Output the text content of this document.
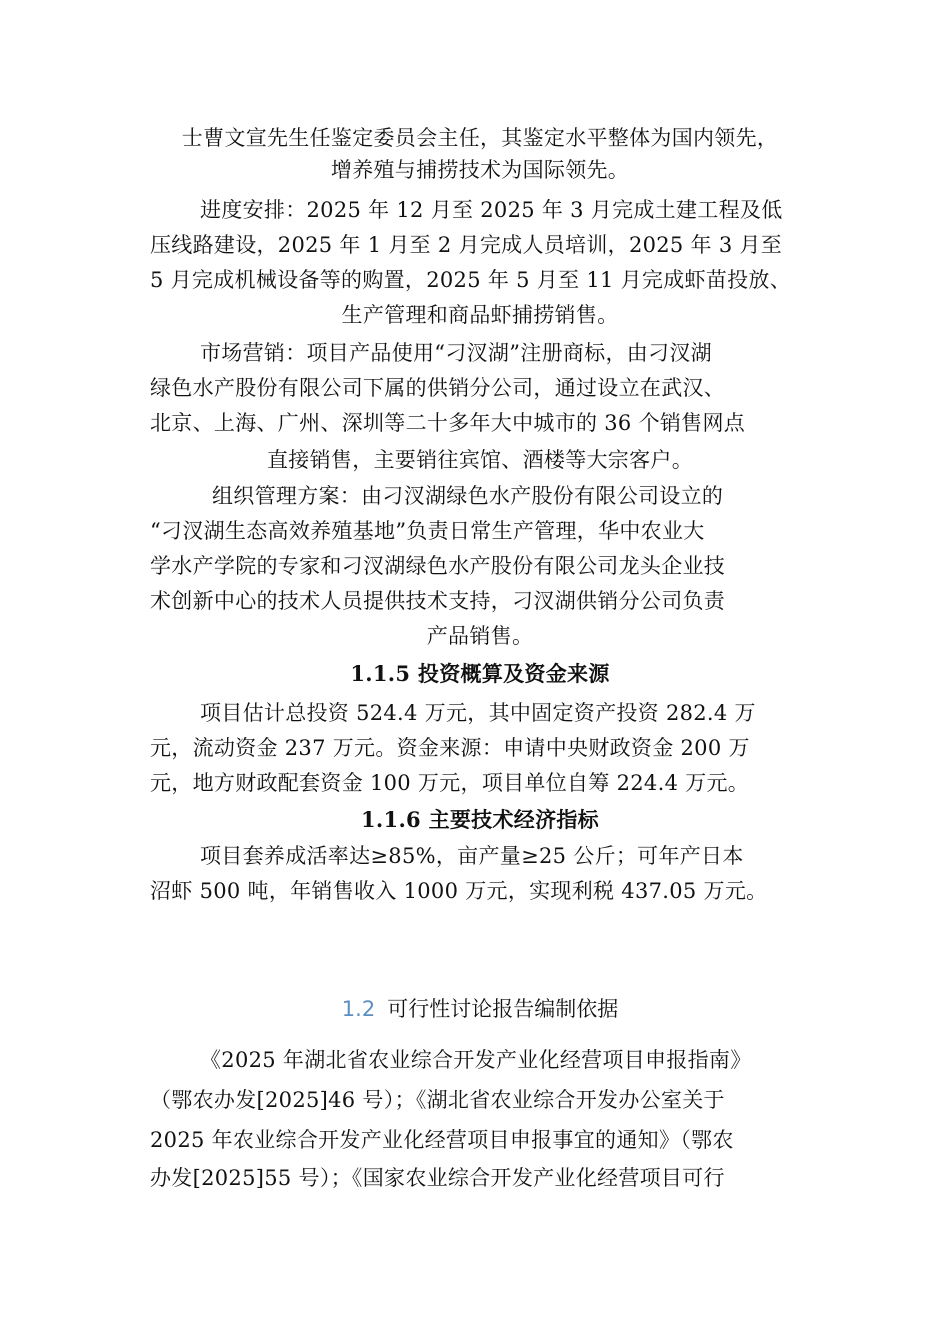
士曹文宣先生任鉴定委员会主任，其鉴定水平整体为国内领先，
增养殖与捕捞技术为国际领先。
进度安排：2025 年 12 月至 2025 年 3 月完成土建工程及低
压线路建设，2025 年 1 月至 2 月完成人员培训，2025 年 3 月至
5 月完成机械设备等的购置，2025 年 5 月至 11 月完成虾苗投放、
生产管理和商品虾捕捞销售。
市场营销：项目产品使用“刁汊湖”注册商标，由刁汊湖
绿色水产股份有限公司下属的供销分公司，通过设立在武汉、
北京、上海、广州、深圳等二十多年大中城市的 36 个销售网点
直接销售，主要销往宾馆、酒楼等大宗客户。
组织管理方案：由刁汊湖绿色水产股份有限公司设立的
“刁汊湖生态高效养殖基地”负责日常生产管理，华中农业大
学水产学院的专家和刁汊湖绿色水产股份有限公司龙头企业技
术创新中心的技术人员提供技术支持，刁汊湖供销分公司负责
产品销售。
1.1.5 投资概算及资金来源
项目估计总投资 524.4 万元，其中固定资产投资 282.4 万
元，流动资金 237 万元。资金来源：申请中央财政资金 200 万
元，地方财政配套资金 100 万元，项目单位自筹 224.4 万元。
1.1.6 主要技术经济指标
项目套养成活率达≥85%，亩产量≥25 公斤；可年产日本
沼虾 500 吨，年销售收入 1000 万元，实现利税 437.05 万元。
1.2 可行性讨论报告编制依据
《2025 年湖北省农业综合开发产业化经营项目申报指南》
（鄂农办发[2025]46 号）；《湖北省农业综合开发办公室关于
2025 年农业综合开发产业化经营项目申报事宜的通知》（鄂农
办发[2025]55 号）；《国家农业综合开发产业化经营项目可行
